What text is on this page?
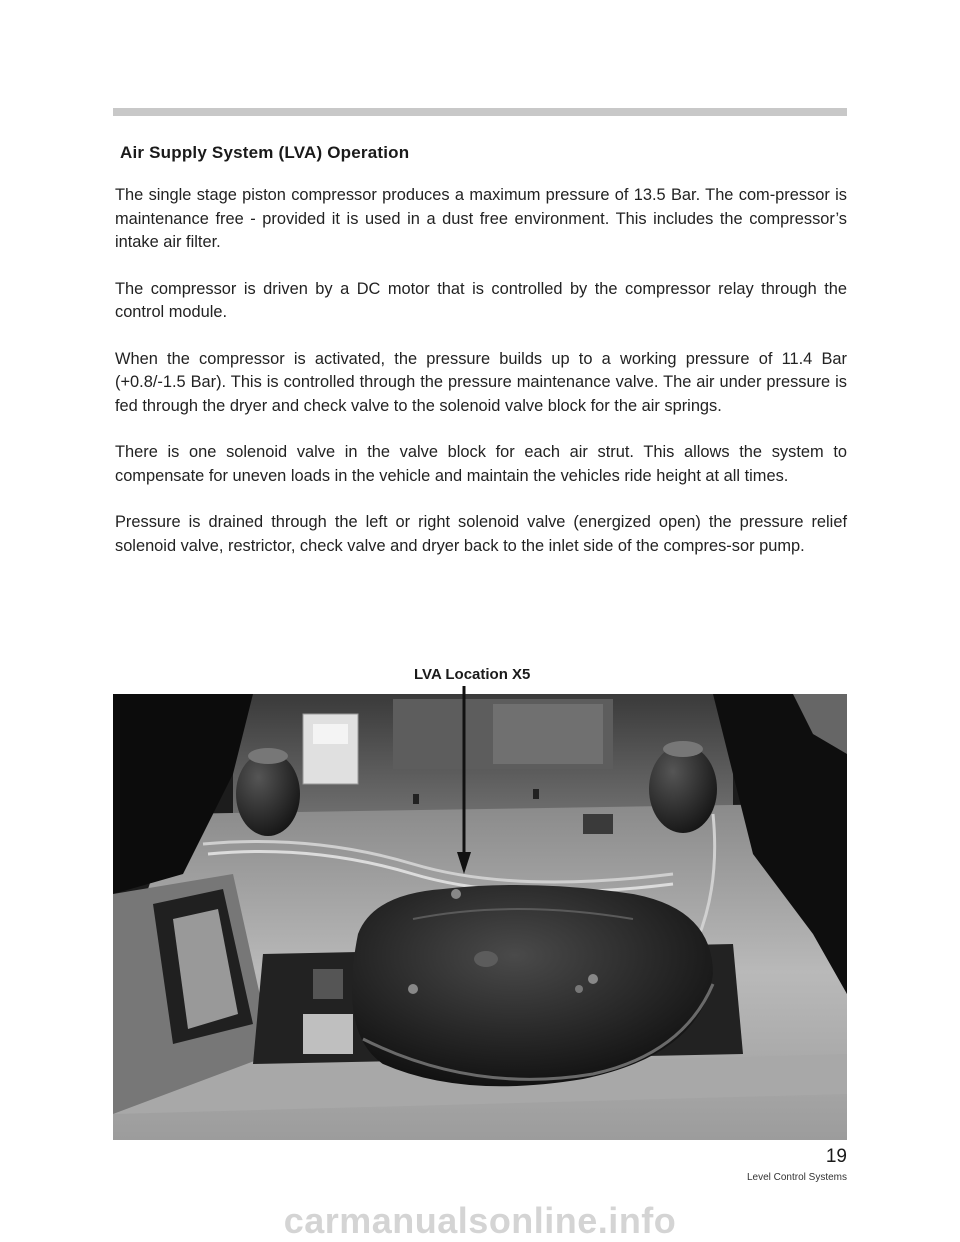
Air Supply System (LVA) Operation

The single stage piston compressor produces a maximum pressure of 13.5 Bar. The com-pressor is maintenance free - provided it is used in a dust free environment. This includes the compressor’s intake air filter.

The compressor is driven by a DC motor that is controlled by the compressor relay through the control module.

When the compressor is activated, the pressure builds up to a working pressure of 11.4 Bar (+0.8/-1.5 Bar). This is controlled through the pressure maintenance valve. The air under pressure is fed through the dryer and check valve to the solenoid valve block for the air springs.

There is one solenoid valve in the valve block for each air strut. This allows the system to compensate for uneven loads in the vehicle and maintain the vehicles ride height at all times.

Pressure is drained through the left or right solenoid valve (energized open) the pressure relief solenoid valve, restrictor, check valve and dryer back to the inlet side of the compres-sor pump.

LVA Location X5
19
Level Control Systems
carmanualsonline.info
